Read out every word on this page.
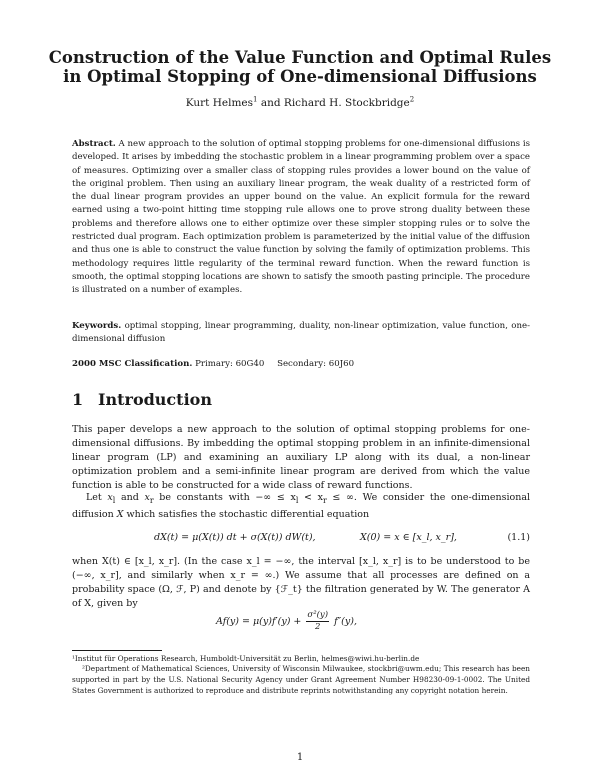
Construction of the Value Function and Optimal Rules in Optimal Stopping of One-dimensional Diffusions
Kurt Helmes$^1$ and Richard H. Stockbridge$^2$

Abstract. A new approach to the solution of optimal stopping problems for one-dimensional diffusions is developed. It arises by imbedding the stochastic problem in a linear programming problem over a space of measures. Optimizing over a smaller class of stopping rules provides a lower bound on the value of the original problem. Then using an auxiliary linear program, the weak duality of a restricted form of the dual linear program provides an upper bound on the value. An explicit formula for the reward earned using a two-point hitting time stopping rule allows one to prove strong duality between these problems and therefore allows one to either optimize over these simpler stopping rules or to solve the restricted dual program. Each optimization problem is parameterized by the initial value of the diffusion and thus one is able to construct the value function by solving the family of optimization problems. This methodology requires little regularity of the terminal reward function. When the reward function is smooth, the optimal stopping locations are shown to satisfy the smooth pasting principle. The procedure is illustrated on a number of examples.

Keywords. optimal stopping, linear programming, duality, non-linear optimization, value function, one-dimensional diffusion

2000 MSC Classification. Primary: 60G40 Secondary: 60J60

1 Introduction

This paper develops a new approach to the solution of optimal stopping problems for one-dimensional diffusions. By imbedding the optimal stopping problem in an infinite-dimensional linear program (LP) and examining an auxiliary LP along with its dual, a non-linear optimization problem and a semi-infinite linear program are derived from which the value function is able to be constructed for a wide class of reward functions.

Let $x_l$ and $x_r$ be constants with −∞ ≤ $x_l < x_r$ ≤ ∞. We consider the one-dimensional diffusion X which satisfies the stochastic differential equation

dX(t) = μ(X(t)) dt + σ(X(t)) dW(t),	X(0) = x ∈ [x_l, x_r],	(1.1)

when X(t) ∈ [x_l, x_r]. (In the case x_l = −∞, the interval [x_l, x_r] is to be understood to be (−∞, x_r], and similarly when x_r = ∞.) We assume that all processes are defined on a probability space (Ω, ℱ, P) and denote by {ℱ_t} the filtration generated by W. The generator A of X, given by

$Af(y) = \mu(y)f'(y) + \frac{\text{σ²(y)}}{2} f''(y)$,

¹Institut für Operations Research, Humboldt-Universität zu Berlin, helmes@wiwi.hu-berlin.de

²Department of Mathematical Sciences, University of Wisconsin Milwaukee, stockbri@uwm.edu; This research has been supported in part by the U.S. National Security Agency under Grant Agreement Number H98230-09-1-0002. The United States Government is authorized to reproduce and distribute reprints notwithstanding any copyright notation herein.

1
